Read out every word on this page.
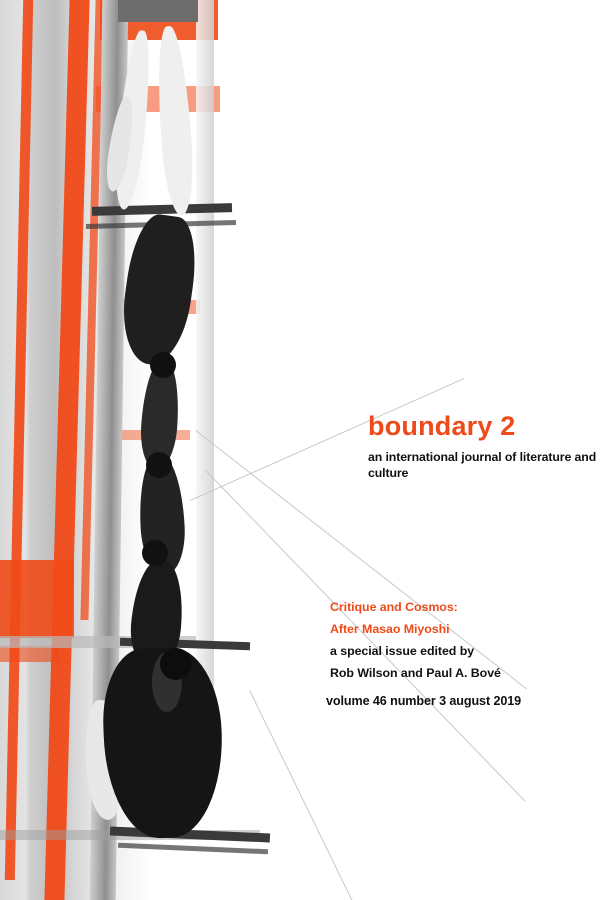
boundary 2
an international journal of literature and culture
Critique and Cosmos:
After Masao Miyoshi
a special issue edited by
Rob Wilson and Paul A. Bové
volume 46 number 3 august 2019
